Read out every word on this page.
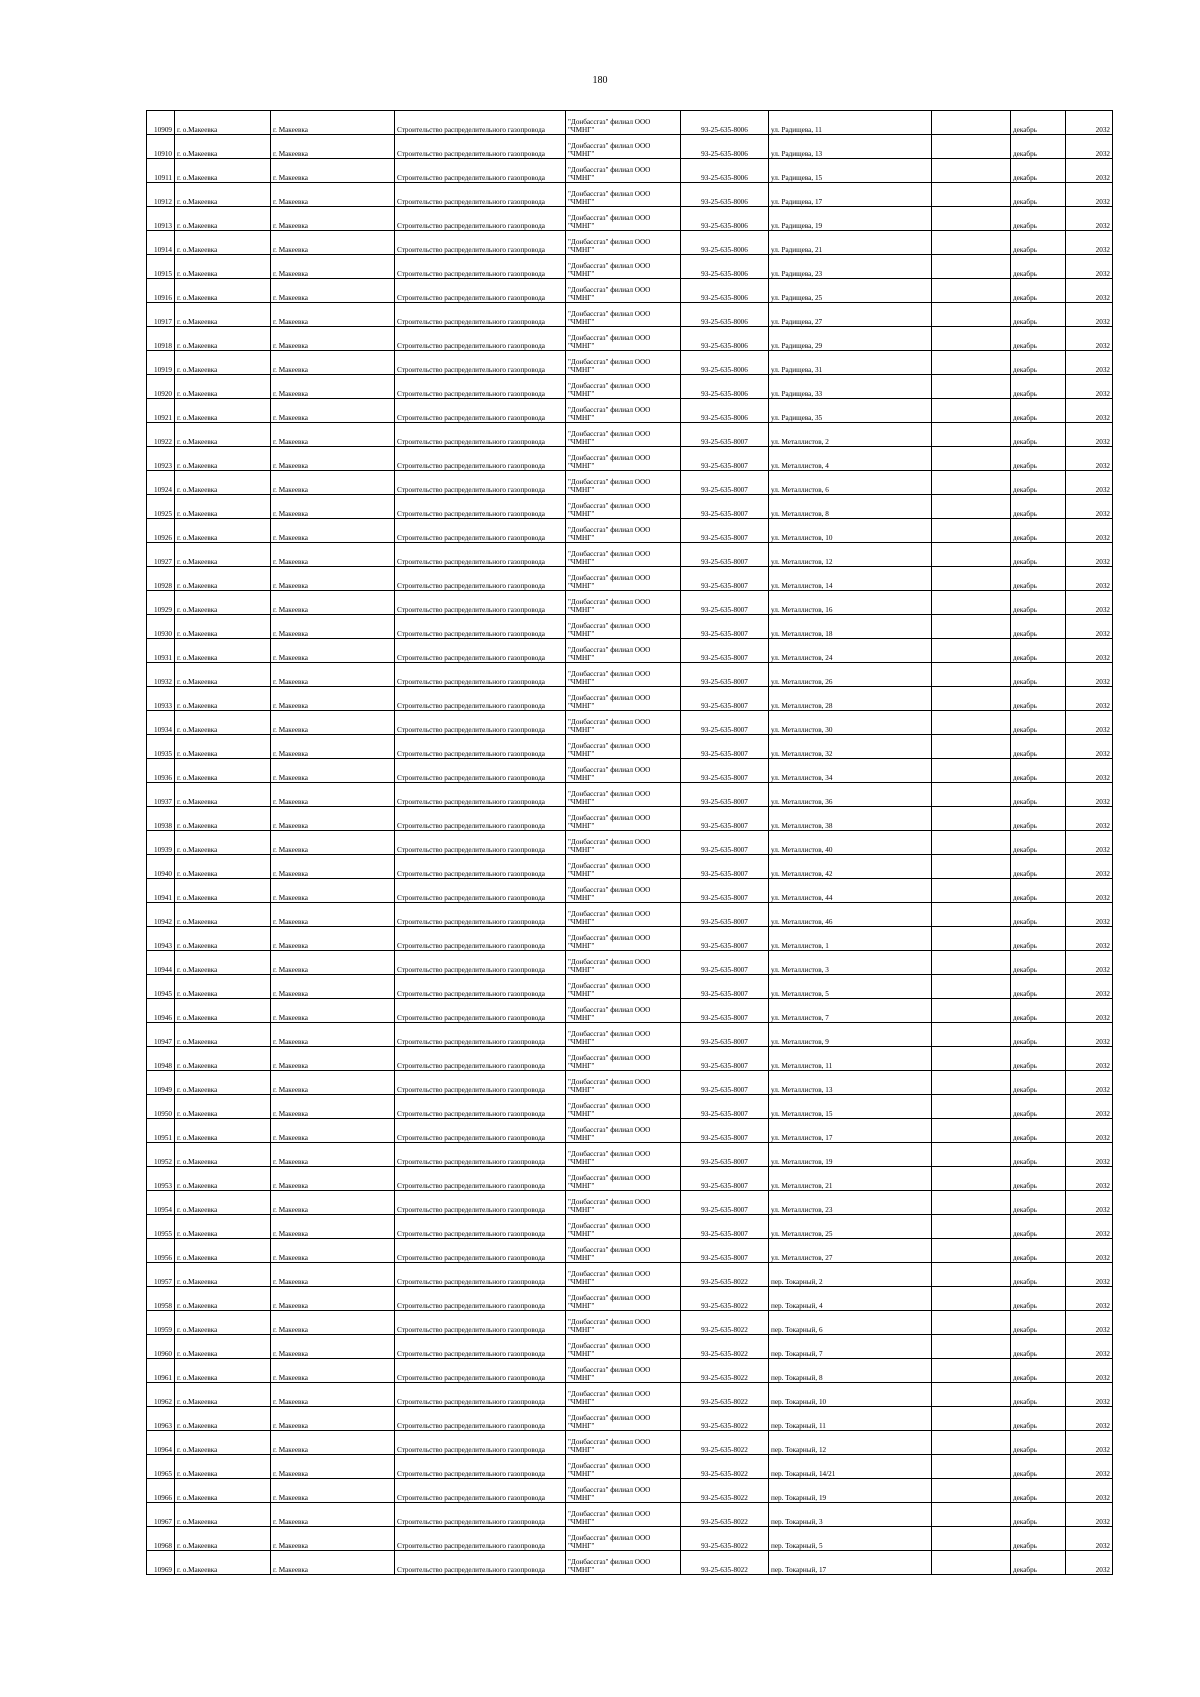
180
10909	г. о.Макеевка	г. Макеевка	Строительство распределительного газопровода	"Донбассгаз" филиал ООО "ЧМНГ"	93-25-635-8006	ул. Радищева, 11		декабрь	2032
10910	г. о.Макеевка	г. Макеевка	Строительство распределительного газопровода	"Донбассгаз" филиал ООО "ЧМНГ"	93-25-635-8006	ул. Радищева, 13		декабрь	2032
10911	г. о.Макеевка	г. Макеевка	Строительство распределительного газопровода	"Донбассгаз" филиал ООО "ЧМНГ"	93-25-635-8006	ул. Радищева, 15		декабрь	2032
10912	г. о.Макеевка	г. Макеевка	Строительство распределительного газопровода	"Донбассгаз" филиал ООО "ЧМНГ"	93-25-635-8006	ул. Радищева, 17		декабрь	2032
10913	г. о.Макеевка	г. Макеевка	Строительство распределительного газопровода	"Донбассгаз" филиал ООО "ЧМНГ"	93-25-635-8006	ул. Радищева, 19		декабрь	2032
10914	г. о.Макеевка	г. Макеевка	Строительство распределительного газопровода	"Донбассгаз" филиал ООО "ЧМНГ"	93-25-635-8006	ул. Радищева, 21		декабрь	2032
10915	г. о.Макеевка	г. Макеевка	Строительство распределительного газопровода	"Донбассгаз" филиал ООО "ЧМНГ"	93-25-635-8006	ул. Радищева, 23		декабрь	2032
10916	г. о.Макеевка	г. Макеевка	Строительство распределительного газопровода	"Донбассгаз" филиал ООО "ЧМНГ"	93-25-635-8006	ул. Радищева, 25		декабрь	2032
10917	г. о.Макеевка	г. Макеевка	Строительство распределительного газопровода	"Донбассгаз" филиал ООО "ЧМНГ"	93-25-635-8006	ул. Радищева, 27		декабрь	2032
10918	г. о.Макеевка	г. Макеевка	Строительство распределительного газопровода	"Донбассгаз" филиал ООО "ЧМНГ"	93-25-635-8006	ул. Радищева, 29		декабрь	2032
10919	г. о.Макеевка	г. Макеевка	Строительство распределительного газопровода	"Донбассгаз" филиал ООО "ЧМНГ"	93-25-635-8006	ул. Радищева, 31		декабрь	2032
10920	г. о.Макеевка	г. Макеевка	Строительство распределительного газопровода	"Донбассгаз" филиал ООО "ЧМНГ"	93-25-635-8006	ул. Радищева, 33		декабрь	2032
10921	г. о.Макеевка	г. Макеевка	Строительство распределительного газопровода	"Донбассгаз" филиал ООО "ЧМНГ"	93-25-635-8006	ул. Радищева, 35		декабрь	2032
10922	г. о.Макеевка	г. Макеевка	Строительство распределительного газопровода	"Донбассгаз" филиал ООО "ЧМНГ"	93-25-635-8007	ул. Металлистов, 2		декабрь	2032
10923	г. о.Макеевка	г. Макеевка	Строительство распределительного газопровода	"Донбассгаз" филиал ООО "ЧМНГ"	93-25-635-8007	ул. Металлистов, 4		декабрь	2032
10924	г. о.Макеевка	г. Макеевка	Строительство распределительного газопровода	"Донбассгаз" филиал ООО "ЧМНГ"	93-25-635-8007	ул. Металлистов, 6		декабрь	2032
10925	г. о.Макеевка	г. Макеевка	Строительство распределительного газопровода	"Донбассгаз" филиал ООО "ЧМНГ"	93-25-635-8007	ул. Металлистов, 8		декабрь	2032
10926	г. о.Макеевка	г. Макеевка	Строительство распределительного газопровода	"Донбассгаз" филиал ООО "ЧМНГ"	93-25-635-8007	ул. Металлистов, 10		декабрь	2032
10927	г. о.Макеевка	г. Макеевка	Строительство распределительного газопровода	"Донбассгаз" филиал ООО "ЧМНГ"	93-25-635-8007	ул. Металлистов, 12		декабрь	2032
10928	г. о.Макеевка	г. Макеевка	Строительство распределительного газопровода	"Донбассгаз" филиал ООО "ЧМНГ"	93-25-635-8007	ул. Металлистов, 14		декабрь	2032
10929	г. о.Макеевка	г. Макеевка	Строительство распределительного газопровода	"Донбассгаз" филиал ООО "ЧМНГ"	93-25-635-8007	ул. Металлистов, 16		декабрь	2032
10930	г. о.Макеевка	г. Макеевка	Строительство распределительного газопровода	"Донбассгаз" филиал ООО "ЧМНГ"	93-25-635-8007	ул. Металлистов, 18		декабрь	2032
10931	г. о.Макеевка	г. Макеевка	Строительство распределительного газопровода	"Донбассгаз" филиал ООО "ЧМНГ"	93-25-635-8007	ул. Металлистов, 24		декабрь	2032
10932	г. о.Макеевка	г. Макеевка	Строительство распределительного газопровода	"Донбассгаз" филиал ООО "ЧМНГ"	93-25-635-8007	ул. Металлистов, 26		декабрь	2032
10933	г. о.Макеевка	г. Макеевка	Строительство распределительного газопровода	"Донбассгаз" филиал ООО "ЧМНГ"	93-25-635-8007	ул. Металлистов, 28		декабрь	2032
10934	г. о.Макеевка	г. Макеевка	Строительство распределительного газопровода	"Донбассгаз" филиал ООО "ЧМНГ"	93-25-635-8007	ул. Металлистов, 30		декабрь	2032
10935	г. о.Макеевка	г. Макеевка	Строительство распределительного газопровода	"Донбассгаз" филиал ООО "ЧМНГ"	93-25-635-8007	ул. Металлистов, 32		декабрь	2032
10936	г. о.Макеевка	г. Макеевка	Строительство распределительного газопровода	"Донбассгаз" филиал ООО "ЧМНГ"	93-25-635-8007	ул. Металлистов, 34		декабрь	2032
10937	г. о.Макеевка	г. Макеевка	Строительство распределительного газопровода	"Донбассгаз" филиал ООО "ЧМНГ"	93-25-635-8007	ул. Металлистов, 36		декабрь	2032
10938	г. о.Макеевка	г. Макеевка	Строительство распределительного газопровода	"Донбассгаз" филиал ООО "ЧМНГ"	93-25-635-8007	ул. Металлистов, 38		декабрь	2032
10939	г. о.Макеевка	г. Макеевка	Строительство распределительного газопровода	"Донбассгаз" филиал ООО "ЧМНГ"	93-25-635-8007	ул. Металлистов, 40		декабрь	2032
10940	г. о.Макеевка	г. Макеевка	Строительство распределительного газопровода	"Донбассгаз" филиал ООО "ЧМНГ"	93-25-635-8007	ул. Металлистов, 42		декабрь	2032
10941	г. о.Макеевка	г. Макеевка	Строительство распределительного газопровода	"Донбассгаз" филиал ООО "ЧМНГ"	93-25-635-8007	ул. Металлистов, 44		декабрь	2032
10942	г. о.Макеевка	г. Макеевка	Строительство распределительного газопровода	"Донбассгаз" филиал ООО "ЧМНГ"	93-25-635-8007	ул. Металлистов, 46		декабрь	2032
10943	г. о.Макеевка	г. Макеевка	Строительство распределительного газопровода	"Донбассгаз" филиал ООО "ЧМНГ"	93-25-635-8007	ул. Металлистов, 1		декабрь	2032
10944	г. о.Макеевка	г. Макеевка	Строительство распределительного газопровода	"Донбассгаз" филиал ООО "ЧМНГ"	93-25-635-8007	ул. Металлистов, 3		декабрь	2032
10945	г. о.Макеевка	г. Макеевка	Строительство распределительного газопровода	"Донбассгаз" филиал ООО "ЧМНГ"	93-25-635-8007	ул. Металлистов, 5		декабрь	2032
10946	г. о.Макеевка	г. Макеевка	Строительство распределительного газопровода	"Донбассгаз" филиал ООО "ЧМНГ"	93-25-635-8007	ул. Металлистов, 7		декабрь	2032
10947	г. о.Макеевка	г. Макеевка	Строительство распределительного газопровода	"Донбассгаз" филиал ООО "ЧМНГ"	93-25-635-8007	ул. Металлистов, 9		декабрь	2032
10948	г. о.Макеевка	г. Макеевка	Строительство распределительного газопровода	"Донбассгаз" филиал ООО "ЧМНГ"	93-25-635-8007	ул. Металлистов, 11		декабрь	2032
10949	г. о.Макеевка	г. Макеевка	Строительство распределительного газопровода	"Донбассгаз" филиал ООО "ЧМНГ"	93-25-635-8007	ул. Металлистов, 13		декабрь	2032
10950	г. о.Макеевка	г. Макеевка	Строительство распределительного газопровода	"Донбассгаз" филиал ООО "ЧМНГ"	93-25-635-8007	ул. Металлистов, 15		декабрь	2032
10951	г. о.Макеевка	г. Макеевка	Строительство распределительного газопровода	"Донбассгаз" филиал ООО "ЧМНГ"	93-25-635-8007	ул. Металлистов, 17		декабрь	2032
10952	г. о.Макеевка	г. Макеевка	Строительство распределительного газопровода	"Донбассгаз" филиал ООО "ЧМНГ"	93-25-635-8007	ул. Металлистов, 19		декабрь	2032
10953	г. о.Макеевка	г. Макеевка	Строительство распределительного газопровода	"Донбассгаз" филиал ООО "ЧМНГ"	93-25-635-8007	ул. Металлистов, 21		декабрь	2032
10954	г. о.Макеевка	г. Макеевка	Строительство распределительного газопровода	"Донбассгаз" филиал ООО "ЧМНГ"	93-25-635-8007	ул. Металлистов, 23		декабрь	2032
10955	г. о.Макеевка	г. Макеевка	Строительство распределительного газопровода	"Донбассгаз" филиал ООО "ЧМНГ"	93-25-635-8007	ул. Металлистов, 25		декабрь	2032
10956	г. о.Макеевка	г. Макеевка	Строительство распределительного газопровода	"Донбассгаз" филиал ООО "ЧМНГ"	93-25-635-8007	ул. Металлистов, 27		декабрь	2032
10957	г. о.Макеевка	г. Макеевка	Строительство распределительного газопровода	"Донбассгаз" филиал ООО "ЧМНГ"	93-25-635-8022	пер. Токарный, 2		декабрь	2032
10958	г. о.Макеевка	г. Макеевка	Строительство распределительного газопровода	"Донбассгаз" филиал ООО "ЧМНГ"	93-25-635-8022	пер. Токарный, 4		декабрь	2032
10959	г. о.Макеевка	г. Макеевка	Строительство распределительного газопровода	"Донбассгаз" филиал ООО "ЧМНГ"	93-25-635-8022	пер. Токарный, 6		декабрь	2032
10960	г. о.Макеевка	г. Макеевка	Строительство распределительного газопровода	"Донбассгаз" филиал ООО "ЧМНГ"	93-25-635-8022	пер. Токарный, 7		декабрь	2032
10961	г. о.Макеевка	г. Макеевка	Строительство распределительного газопровода	"Донбассгаз" филиал ООО "ЧМНГ"	93-25-635-8022	пер. Токарный, 8		декабрь	2032
10962	г. о.Макеевка	г. Макеевка	Строительство распределительного газопровода	"Донбассгаз" филиал ООО "ЧМНГ"	93-25-635-8022	пер. Токарный, 10		декабрь	2032
10963	г. о.Макеевка	г. Макеевка	Строительство распределительного газопровода	"Донбассгаз" филиал ООО "ЧМНГ"	93-25-635-8022	пер. Токарный, 11		декабрь	2032
10964	г. о.Макеевка	г. Макеевка	Строительство распределительного газопровода	"Донбассгаз" филиал ООО "ЧМНГ"	93-25-635-8022	пер. Токарный, 12		декабрь	2032
10965	г. о.Макеевка	г. Макеевка	Строительство распределительного газопровода	"Донбассгаз" филиал ООО "ЧМНГ"	93-25-635-8022	пер. Токарный, 14/21		декабрь	2032
10966	г. о.Макеевка	г. Макеевка	Строительство распределительного газопровода	"Донбассгаз" филиал ООО "ЧМНГ"	93-25-635-8022	пер. Токарный, 19		декабрь	2032
10967	г. о.Макеевка	г. Макеевка	Строительство распределительного газопровода	"Донбассгаз" филиал ООО "ЧМНГ"	93-25-635-8022	пер. Токарный, 3		декабрь	2032
10968	г. о.Макеевка	г. Макеевка	Строительство распределительного газопровода	"Донбассгаз" филиал ООО "ЧМНГ"	93-25-635-8022	пер. Токарный, 5		декабрь	2032
10969	г. о.Макеевка	г. Макеевка	Строительство распределительного газопровода	"Донбассгаз" филиал ООО "ЧМНГ"	93-25-635-8022	пер. Токарный, 17		декабрь	2032
